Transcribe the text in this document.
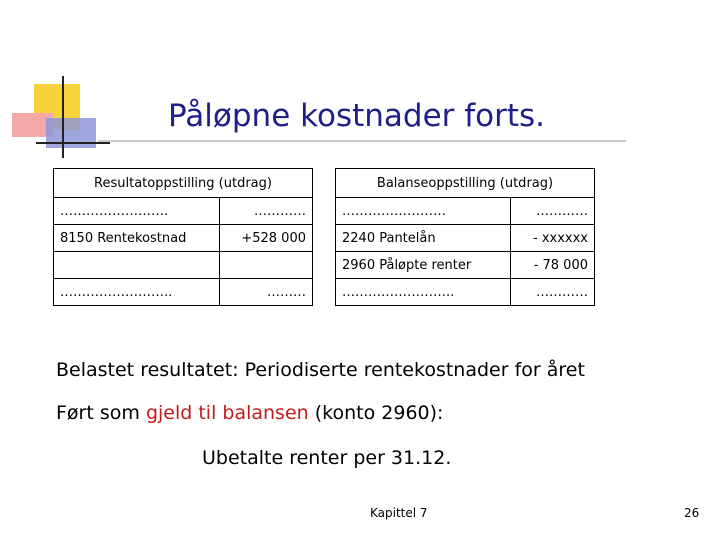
Påløpne kostnader forts.
Resultatoppstilling (utdrag)	
…………………….	…………
8150 Rentekostnad	+528 000

……………………..	………
Balanseoppstilling (utdrag)	
……………………	…………
2240 Pantelån	- xxxxxx
2960 Påløpte renter	- 78 000
……………………..	…………
Belastet resultatet: Periodiserte rentekostnader for året
Ført som gjeld til balansen (konto 2960):
Ubetalte renter per 31.12.
Kapittel 7	26
